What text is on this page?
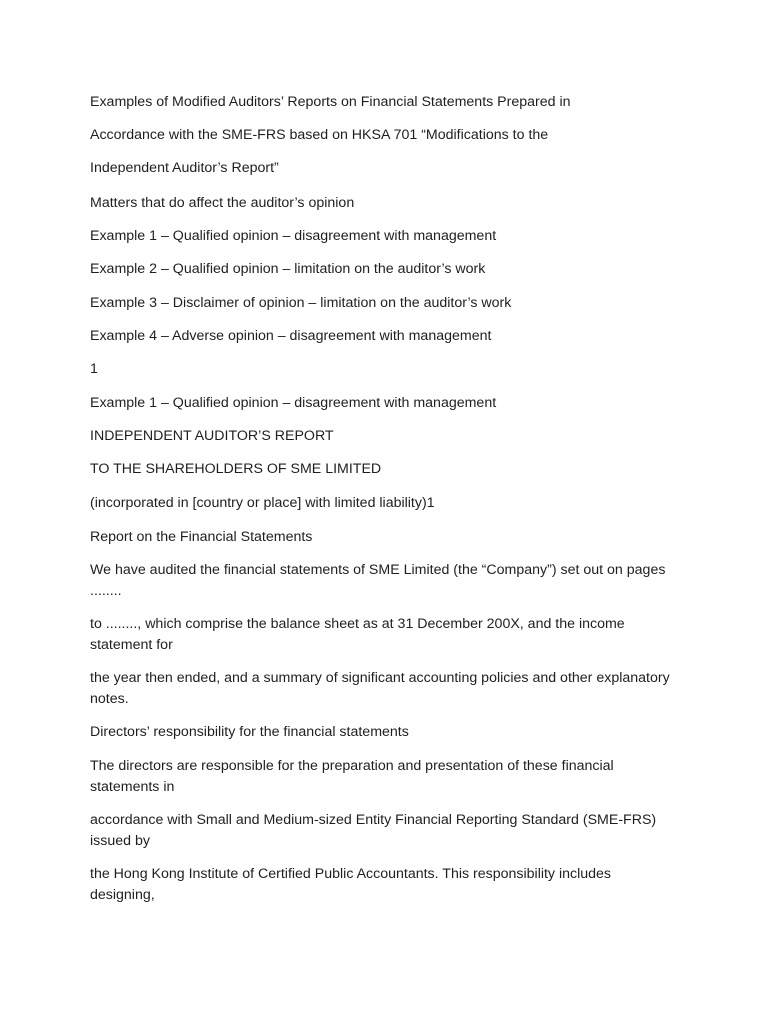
Examples of Modified Auditors’ Reports on Financial Statements Prepared in

Accordance with the SME-FRS based on HKSA 701 “Modifications to the

Independent Auditor’s Report”

Matters that do affect the auditor’s opinion

Example 1 – Qualified opinion – disagreement with management

Example 2 – Qualified opinion – limitation on the auditor’s work

Example 3 – Disclaimer of opinion – limitation on the auditor’s work

Example 4 – Adverse opinion – disagreement with management

1

Example 1 – Qualified opinion – disagreement with management

INDEPENDENT AUDITOR’S REPORT

TO THE SHAREHOLDERS OF SME LIMITED

(incorporated in [country or place] with limited liability)1

Report on the Financial Statements

We have audited the financial statements of SME Limited (the “Company”) set out on pages ........

to ........, which comprise the balance sheet as at 31 December 200X, and the income statement for

the year then ended, and a summary of significant accounting policies and other explanatory notes.

Directors’ responsibility for the financial statements

The directors are responsible for the preparation and presentation of these financial statements in

accordance with Small and Medium-sized Entity Financial Reporting Standard (SME-FRS) issued by

the Hong Kong Institute of Certified Public Accountants. This responsibility includes designing,
